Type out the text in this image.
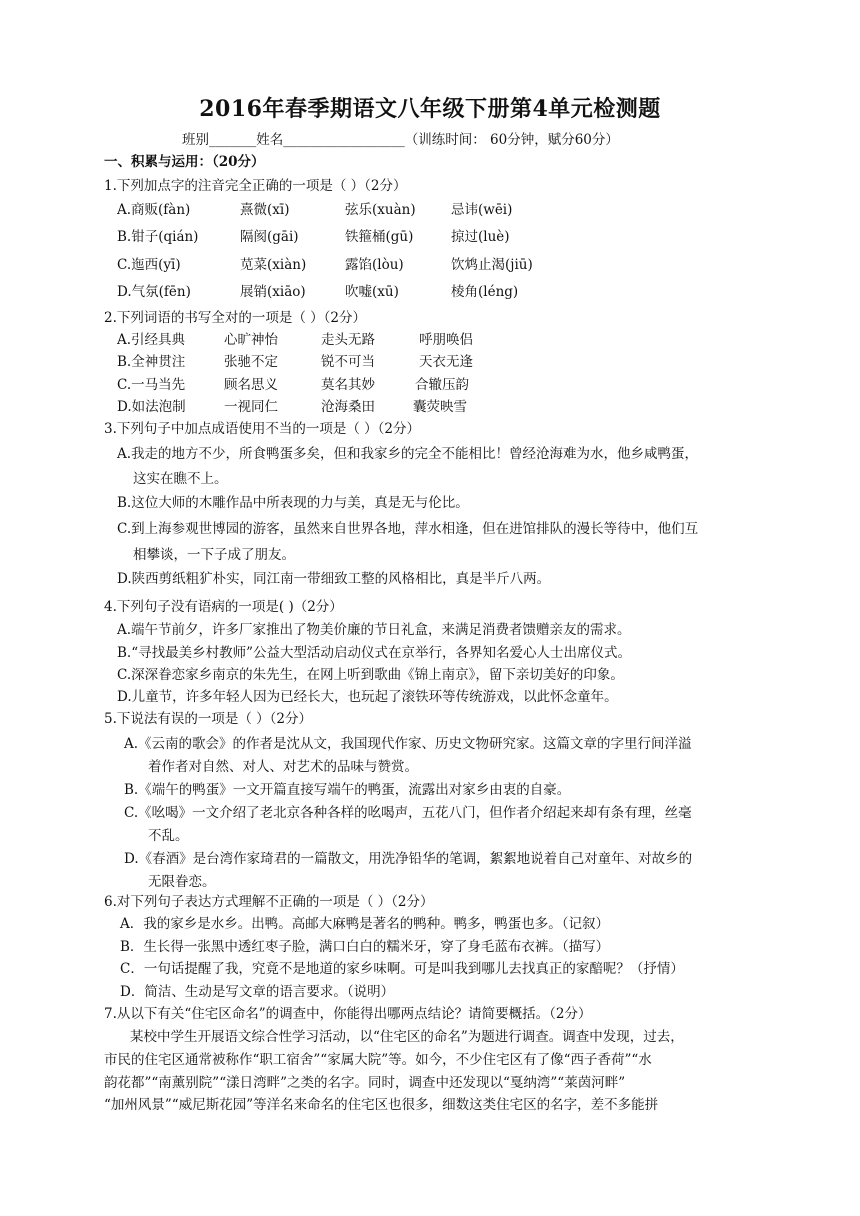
2016年春季期语文八年级下册第4单元检测题
班别_______姓名__________________（训练时间： 60分钟，赋分60分）
一、积累与运用：（20分）
1.下列加点字的注音完全正确的一项是（ ）（2分）
A.商贩(fàn)	熹微(xī)	弦乐(xuàn)	忌讳(wēi)
B.钳子(qián)	隔阂(gāi)	铁箍桶(gū)	掠过(luè)
C.迤西(yī)	苋菜(xiàn)	露馅(lòu)	饮鸩止渴(jiū)
D.气氛(fēn)	展销(xiāo)	吹嘘(xū)	棱角(léng)
2.下列词语的书写全对的一项是（ ）（2分）
A.引经具典	心旷神怡	走头无路	呼朋唤侣
B.全神贯注	张驰不定	锐不可当	天衣无逢
C.一马当先	顾名思义	莫名其妙	合辙压韵
D.如法泡制	一视同仁	沧海桑田	囊荧映雪
3.下列句子中加点成语使用不当的一项是（ ）（2分）
A.我走的地方不少，所食鸭蛋多矣，但和我家乡的完全不能相比！曾经沧海难为水，他乡咸鸭蛋，
这实在瞧不上。
B.这位大师的木雕作品中所表现的力与美，真是无与伦比。
C.到上海参观世博园的游客，虽然来自世界各地，萍水相逢，但在进馆排队的漫长等待中，他们互
相攀谈，一下子成了朋友。
D.陕西剪纸粗犷朴实，同江南一带细致工整的风格相比，真是半斤八两。
4.下列句子没有语病的一项是( )（2分）
A.端午节前夕，许多厂家推出了物美价廉的节日礼盒，来满足消费者馈赠亲友的需求。
B.“寻找最美乡村教师”公益大型活动启动仪式在京举行，各界知名爱心人士出席仪式。
C.深深眷恋家乡南京的朱先生，在网上听到歌曲《锦上南京》，留下亲切美好的印象。
D.儿童节，许多年轻人因为已经长大，也玩起了滚铁环等传统游戏，以此怀念童年。
5.下说法有误的一项是（ ）（2分）
A.《云南的歌会》的作者是沈从文，我国现代作家、历史文物研究家。这篇文章的字里行间洋溢
着作者对自然、对人、对艺术的品味与赞赏。
B.《端午的鸭蛋》一文开篇直接写端午的鸭蛋，流露出对家乡由衷的自豪。
C.《吆喝》一文介绍了老北京各种各样的吆喝声，五花八门，但作者介绍起来却有条有理，丝毫
不乱。
D.《春酒》是台湾作家琦君的一篇散文，用洗净铅华的笔调，絮絮地说着自己对童年、对故乡的
无限眷恋。
6.对下列句子表达方式理解不正确的一项是（ ）（2分）
A．我的家乡是水乡。出鸭。高邮大麻鸭是著名的鸭种。鸭多，鸭蛋也多。（记叙）
B．生长得一张黑中透红枣子脸，满口白白的糯米牙，穿了身毛蓝布衣裤。（描写）
C．一句话提醒了我，究竟不是地道的家乡味啊。可是叫我到哪儿去找真正的家醅呢？（抒情）
D．简洁、生动是写文章的语言要求。（说明）
7.从以下有关“住宅区命名”的调查中，你能得出哪两点结论？请简要概括。（2分）
某校中学生开展语文综合性学习活动，以“住宅区的命名”为题进行调查。调查中发现，过去，
市民的住宅区通常被称作“职工宿舍”“家属大院”等。如今，不少住宅区有了像“西子香荷”“水
韵花都”“南薰别院”“漾日湾畔”之类的名字。同时，调查中还发现以“戛纳湾”“莱茵河畔”
“加州风景”“威尼斯花园”等洋名来命名的住宅区也很多，细数这类住宅区的名字，差不多能拼
